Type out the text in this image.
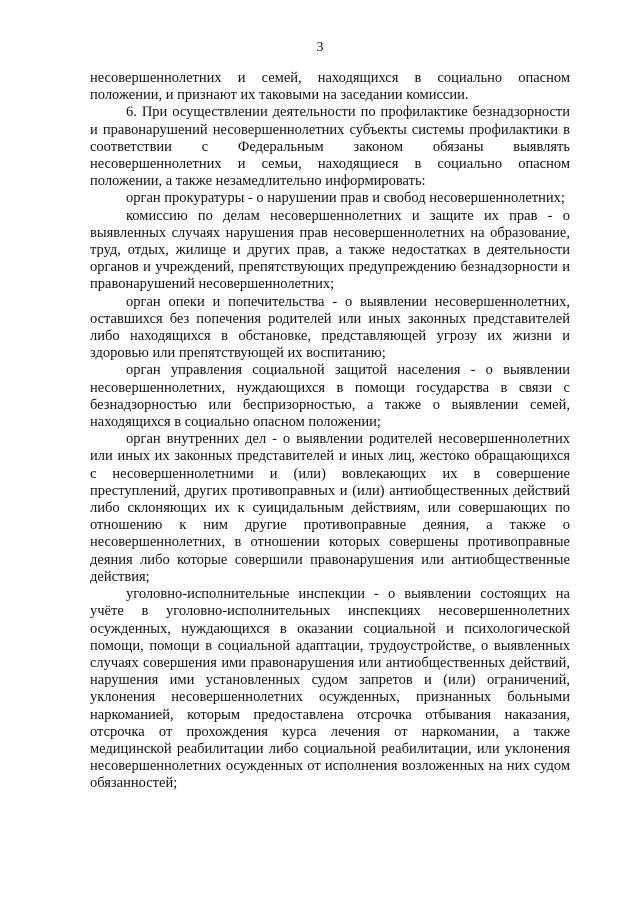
3

несовершеннолетних и семей, находящихся в социально опасном положении, и признают их таковыми на заседании комиссии.

6. При осуществлении деятельности по профилактике безнадзорности и правонарушений несовершеннолетних субъекты системы профилактики в соответствии с Федеральным законом обязаны выявлять несовершеннолетних и семьи, находящиеся в социально опасном положении, а также незамедлительно информировать:

орган прокуратуры - о нарушении прав и свобод несовершеннолетних;

комиссию по делам несовершеннолетних и защите их прав - о выявленных случаях нарушения прав несовершеннолетних на образование, труд, отдых, жилище и других прав, а также недостатках в деятельности органов и учреждений, препятствующих предупреждению безнадзорности и правонарушений несовершеннолетних;

орган опеки и попечительства - о выявлении несовершеннолетних, оставшихся без попечения родителей или иных законных представителей либо находящихся в обстановке, представляющей угрозу их жизни и здоровью или препятствующей их воспитанию;

орган управления социальной защитой населения - о выявлении несовершеннолетних, нуждающихся в помощи государства в связи с безнадзорностью или беспризорностью, а также о выявлении семей, находящихся в социально опасном положении;

орган внутренних дел - о выявлении родителей несовершеннолетних или иных их законных представителей и иных лиц, жестоко обращающихся с несовершеннолетними и (или) вовлекающих их в совершение преступлений, других противоправных и (или) антиобщественных действий либо склоняющих их к суицидальным действиям, или совершающих по отношению к ним другие противоправные деяния, а также о несовершеннолетних, в отношении которых совершены противоправные деяния либо которые совершили правонарушения или антиобщественные действия;

уголовно-исполнительные инспекции - о выявлении состоящих на учёте в уголовно-исполнительных инспекциях несовершеннолетних осужденных, нуждающихся в оказании социальной и психологической помощи, помощи в социальной адаптации, трудоустройстве, о выявленных случаях совершения ими правонарушения или антиобщественных действий, нарушения ими установленных судом запретов и (или) ограничений, уклонения несовершеннолетних осужденных, признанных больными наркоманией, которым предоставлена отсрочка отбывания наказания, отсрочка от прохождения курса лечения от наркомании, а также медицинской реабилитации либо социальной реабилитации, или уклонения несовершеннолетних осужденных от исполнения возложенных на них судом обязанностей;
